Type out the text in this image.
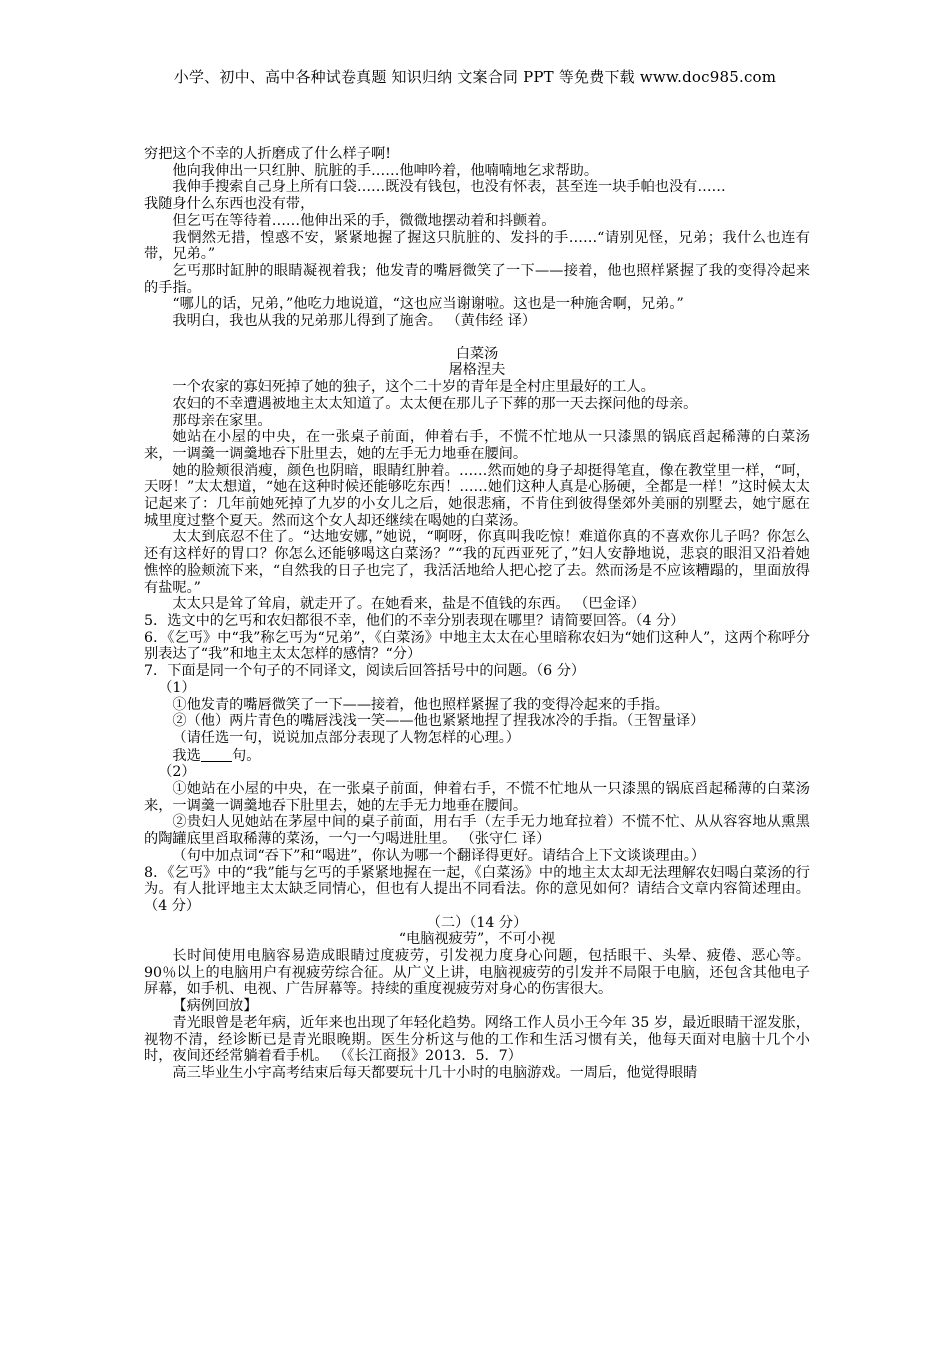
小学、初中、高中各种试卷真题 知识归纳 文案合同 PPT 等免费下载 www.doc985.com

穷把这个不幸的人折磨成了什么样子啊!

他向我伸出一只红肿、肮脏的手……他呻吟着，他喃喃地乞求帮助。

我伸手搜索自己身上所有口袋……既没有钱包，也没有怀表，甚至连一块手帕也没有……

我随身什么东西也没有带，

但乞丐在等待着……他伸出采的手，微微地摆动着和抖颤着。

我惘然无措，惶惑不安，紧紧地握了握这只肮脏的、发抖的手……“请别见怪，兄弟；我什么也连有带，兄弟。”

乞丐那时缸肿的眼睛凝视着我；他发青的嘴唇微笑了一下——接着，他也照样紧握了我的变得冷起来的手指。

“哪儿的话，兄弟，”他吃力地说道，“这也应当谢谢啦。这也是一种施舍啊，兄弟。”

我明白，我也从我的兄弟那儿得到了施舍。 （黄伟经 译）

白菜汤

屠格涅夫

一个农家的寡妇死掉了她的独子，这个二十岁的青年是全村庄里最好的工人。

农妇的不幸遭遇被地主太太知道了。太太便在那儿子下葬的那一天去探问他的母亲。

那母亲在家里。

她站在小屋的中央，在一张桌子前面，伸着右手，不慌不忙地从一只漆黑的锅底舀起稀薄的白菜汤来，一调羹一调羹地吞下肚里去，她的左手无力地垂在腰间。

她的脸颊很消瘦，颜色也阴暗，眼睛红肿着。……然而她的身子却挺得笔直，像在教堂里一样，“呵，天呀！”太太想道，“她在这种时候还能够吃东西！……她们这种人真是心肠硬，全都是一样！”这时候太太记起来了：几年前她死掉了九岁的小女儿之后，她很悲痛，不肯住到彼得堡郊外美丽的别墅去，她宁愿在城里度过整个夏天。然而这个女人却还继续在喝她的白菜汤。

太太到底忍不住了。“达地安娜，”她说，“啊呀，你真叫我吃惊！难道你真的不喜欢你儿子吗？你怎么还有这样好的胃口？你怎么还能够喝这白菜汤？”“我的瓦西亚死了，”妇人安静地说，悲哀的眼泪又沿着她憔悴的脸颊流下来，“自然我的日子也完了，我活活地给人把心挖了去。然而汤是不应该糟蹋的，里面放得有盐呢。”

太太只是耸了耸肩，就走开了。在她看来，盐是不值钱的东西。 （巴金译）

5．选文中的乞丐和农妇都很不幸，他们的不幸分别表现在哪里？请简要回答。（4 分）

6．《乞丐》中“我”称乞丐为“兄弟”，《白菜汤》中地主太太在心里暗称农妇为“她们这种人”，这两个称呼分别表达了“我”和地主太太怎样的感情？“分）

7．下面是同一个句子的不同译文，阅读后回答括号中的问题。（6 分）

（1）

①他发青的嘴唇微笑了一下——接着，他也照样紧握了我的变得冷起来的手指。

②（他）两片青色的嘴唇浅浅一笑——他也紧紧地捏了捏我冰冷的手指。（王智量译）

（请任选一句，说说加点部分表现了人物怎样的心理。）

我选 句。

（2）

①她站在小屋的中央，在一张桌子前面，伸着右手，不慌不忙地从一只漆黑的锅底舀起稀薄的白菜汤来，一调羹一调羹地吞下肚里去，她的左手无力地垂在腰间。

②贵妇人见她站在茅屋中间的桌子前面，用右手（左手无力地耷拉着）不慌不忙、从从容容地从熏黑的陶罐底里舀取稀薄的菜汤，一勺一勺喝进肚里。 （张守仁 译）

（句中加点词“吞下”和“喝进”，你认为哪一个翻译得更好。请结合上下文谈谈理由。）

8．《乞丐》中的“我”能与乞丐的手紧紧地握在一起，《白菜汤》中的地主太太却无法理解农妇喝白菜汤的行为。有人批评地主太太缺乏同情心，但也有人提出不同看法。你的意见如何？请结合文章内容简述理由。（4 分）

（二）（14 分）

“电脑视疲劳”，不可小视

长时间使用电脑容易造成眼睛过度疲劳，引发视力度身心问题，包括眼干、头晕、疲倦、恶心等。90％以上的电脑用户有视疲劳综合征。从广义上讲，电脑视疲劳的引发并不局限于电脑，还包含其他电子屏幕，如手机、电视、广告屏幕等。持续的重度视疲劳对身心的伤害很大。

【病例回放】

青光眼曾是老年病，近年来也出现了年轻化趋势。网络工作人员小王今年 35 岁，最近眼睛干涩发胀，视物不清，经诊断已是青光眼晚期。医生分析这与他的工作和生活习惯有关，他每天面对电脑十几个小时，夜间还经常躺着看手机。 （《长江商报》2013．5．7）

高三毕业生小宇高考结束后每天都要玩十几十小时的电脑游戏。一周后，他觉得眼睛
